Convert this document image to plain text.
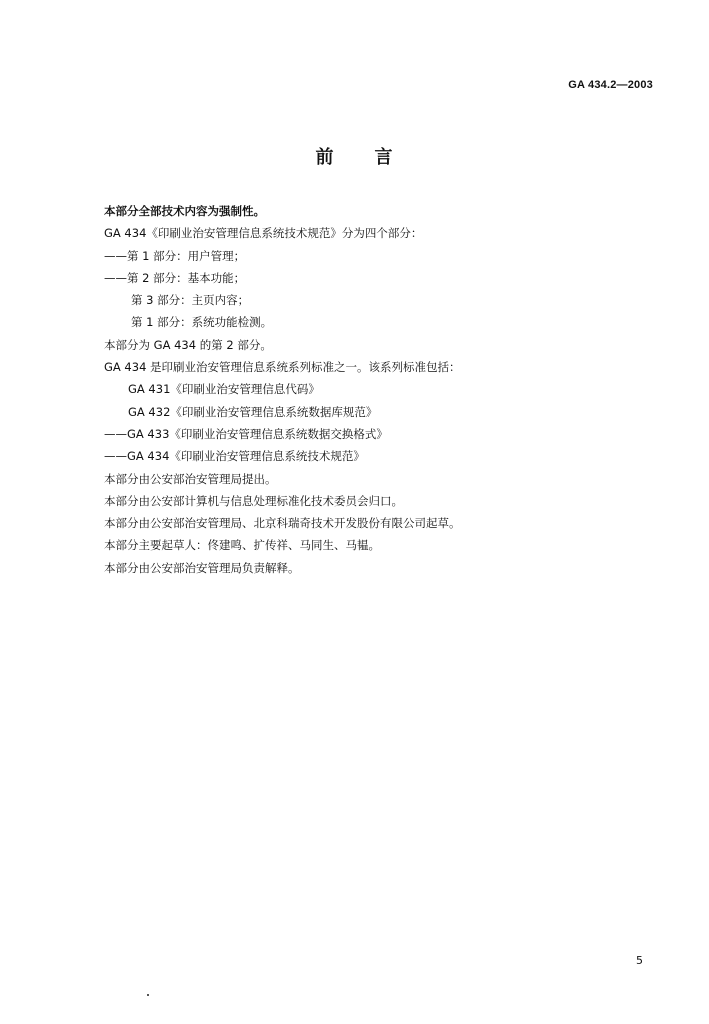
GA 434.2—2003
前 言
本部分全部技术内容为强制性。
GA 434《印刷业治安管理信息系统技术规范》分为四个部分：
——第 1 部分：用户管理；
——第 2 部分：基本功能；
第 3 部分：主页内容；
第 1 部分：系统功能检测。
本部分为 GA 434 的第 2 部分。
GA 434 是印刷业治安管理信息系统系列标准之一。该系列标准包括：
GA 431《印刷业治安管理信息代码》
GA 432《印刷业治安管理信息系统数据库规范》
——GA 433《印刷业治安管理信息系统数据交换格式》
——GA 434《印刷业治安管理信息系统技术规范》
本部分由公安部治安管理局提出。
本部分由公安部计算机与信息处理标准化技术委员会归口。
本部分由公安部治安管理局、北京科瑞奇技术开发股份有限公司起草。
本部分主要起草人：佟建鸣、扩传祥、马同生、马韫。
本部分由公安部治安管理局负责解释。
5
